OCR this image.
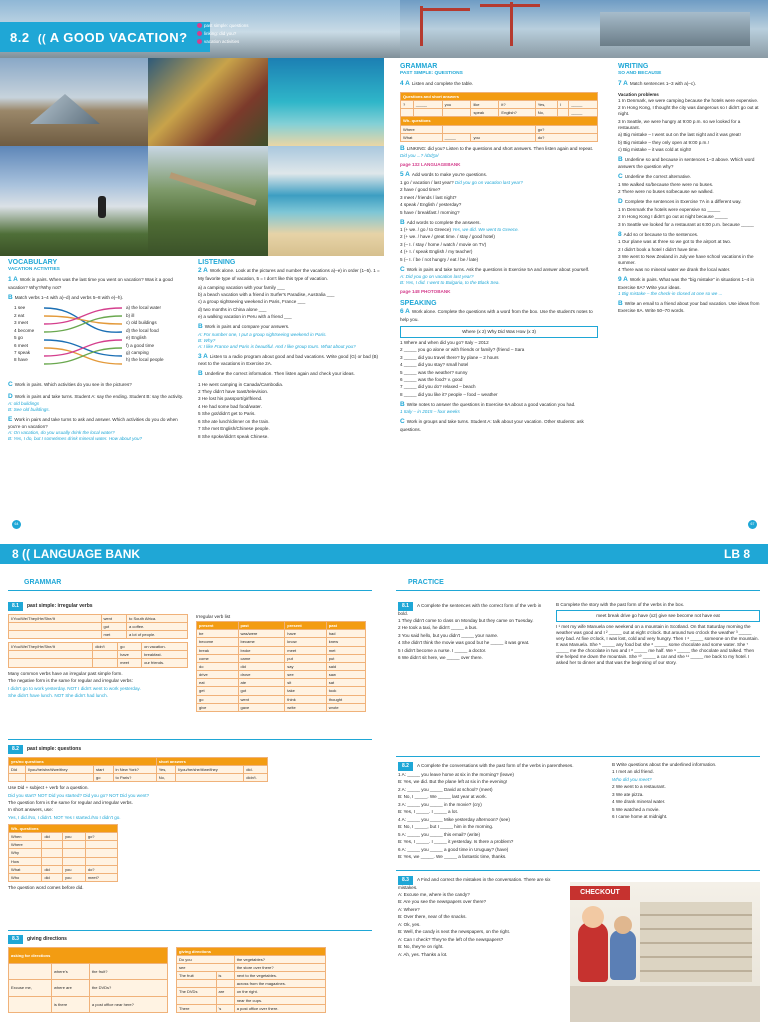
8.2 (( A GOOD VACATION?
past simple: questions
linking: did you?
vacation activities
VOCABULARY
VACATION ACTIVITIES
1 A Work in pairs. When was the last time you went on vacation? Was it a good vacation? Why?/Why not?
B Match verbs 1–4 with a)–d) and verbs 5–8 with e)–h).
1 see
2 eat
3 meet
4 become
5 go
6 meet
7 speak
8 have
a) the local water
b) ill
c) old buildings
d) the local food
e) English
f) a good time
g) camping
h) the local people
C Work in pairs. Which activities do you see in the pictures?
D Work in pairs and take turns. Student A: say the ending. Student B: say the activity.
A: old buildings
B: See old buildings.
E Work in pairs and take turns to ask and answer. Which activities do you do when you're on vacation?
A: On vacation, do you usually drink the local water?
B: Yes, I do, but I sometimes drink mineral water. How about you?
LISTENING
2 A Work alone. Look at the pictures and number the vacations a)–e) in order (1–5). 1 = My favorite type of vacation, 5 = I don't like this type of vacation.
a) a camping vacation with your family ___
b) a beach vacation with a friend in Surfer's Paradise, Australia ___
c) a group sightseeing weekend in Paris, France ___
d) two months in China alone ___
e) a walking vacation in Peru with a friend ___
B Work in pairs and compare your answers.
A: For number one, I put a group sightseeing weekend in Paris.
B: Why?
A: I like France and Paris is beautiful. And I like group tours. What about you?
3 A Listen to a radio program about good and bad vacations. Write good (G) or bad (B) next to the vacations in Exercise 2A.
B Underline the correct information. Then listen again and check your ideas.
1 He went camping in Canada/Cambodia.
2 They didn't have toast/television.
3 He lost his passport/girlfriend.
4 He had some bad food/water.
5 She got/didn't get to Paris.
6 She ate lunch/dinner on the train.
7 She met English/Chinese people.
8 She spoke/didn't speak Chinese.
64
GRAMMAR
PAST SIMPLE: QUESTIONS
4 A Listen and complete the table.
Questions and short answers							
?	_____	you	like	it?	Yes,	I	_____
			speak	English?	No,		_____
Wh- questions							
Where					go?		
What		_____	you		do?		
B LINKING: did you? Listen to the questions and short answers. Then listen again and repeat.
Did you ...? /dɪdʒə/
page 132 LANGUAGEBANK
5 A Add words to make you're questions.
1 go / vacation / last year? Did you go on vacation last year?
2 have / good time?
3 meet / friends / last night?
4 speak / English / yesterday?
5 have / breakfast / morning?
B Add words to complete the answers.
1 (+ we. / go / to Greece) Yes, we did. We went to Greece.
2 (+ we. / have / great time. / stay / good hotel)
3 (– I. / stay / home / watch / movie on TV)
4 (+ I. / speak English / my teacher)
5 (– I. / be / not hungry / eat / be / late)
C Work in pairs and take turns. Ask the questions in Exercise 5A and answer about yourself.
A: Did you go on vacation last year?
B: Yes, I did. I went to Bulgaria, to the Black Sea.
page 148 PHOTOBANK
SPEAKING
6 A Work alone. Complete the questions with a word from the box. Use the student's notes to help you.
Where (x 2) Why Did Was How (x 3)
1 Where and when did you go? Italy – 2012
2 _____ you go alone or with friends or family? (friend – Sara
3 _____ did you travel there? by plane – 2 hours
4 _____ did you stay? small hotel
5 _____ was the weather? sunny
6 _____ was the food? v. good
7 _____ did you do? relaxed – beach
8 _____ did you like it? people – food – weather
B Write notes to answer the questions in Exercise 6A about a good vacation you had.
1 Italy – in 2015 – four weeks
C Work in groups and take turns. Student A: talk about your vacation. Other students: ask questions.
WRITING
SO AND BECAUSE
7 A Match sentences 1–3 with a)–c).
Vacation problems
1 In Denmark, we were camping because the hotels were expensive.
2 In Hong Kong, I thought the city was dangerous so I didn't go out at night.
3 In Seattle, we were hungry at 9:00 p.m. so we looked for a restaurant.
a) Big mistake – I went out on the last night and it was great!
b) Big mistake – they only open at 9:00 p.m.!
c) Big mistake – it was cold at night!
B Underline so and because in sentences 1–3 above. Which word answers the question why?
C Underline the correct alternative.
1 We walked so/because there were no buses.
2 There were no buses so/because we walked.
D Complete the sentences in Exercise 7A in a different way.
1 In Denmark the hotels were expensive so _____
2 In Hong Kong I didn't go out at night because _____
3 In Seattle we looked for a restaurant at 6:00 p.m. because _____
8 Add so or because to the sentences.
1 Our plane was at three so we got to the airport at two.
2 I didn't book a hotel I didn't have time.
3 We went to New Zealand in July we have school vacations in the summer.
4 There was no mineral water we drank the local water.
9 A Work in pairs. What was the "big mistake" in situations 1–4 in Exercise 8A? Write your ideas.
1 Big mistake – the check-in closed at one so we ...
B Write an email to a friend about your bad vacation. Use ideas from Exercise 8A. Write 50–70 words.
67
8 (( LANGUAGE BANK	LB 8
GRAMMAR	PRACTICE
8.1 past simple: irregular verbs
I/You/We/They/He/She/It	went	to South Africa.
	got	a coffee.
	met	a lot of people.
I/You/We/They/He/She/It	didn't	go	on vacation.
		have	breakfast.
		meet	our friends.
Many common verbs have an irregular past simple form.
The negative form is the same for regular and irregular verbs:
I didn't go to work yesterday. NOT I didn't went to work yesterday.
She didn't have lunch. NOT She didn't had lunch.
Irregular verb list
present	past	present	past
be	was/were	have	had
become	became	know	knew
break	broke	meet	met
come	came	put	put
do	did	say	said
drive	drove	see	saw
eat	ate	sit	sat
get	got	take	took
go	went	think	thought
give	gave	write	wrote
8.2 past simple: questions
yes/no questions				short answers		
Did	I/you/he/she/it/we/they	start	in New York?	Yes,	I/you/he/she/it/we/they	did.
		go	to Paris?	No,		didn't.
Use Did + subject + verb for a question.
Did you start? NOT Did you started? Did you go? NOT Did you went?
The question form is the same for regular and irregular verbs.
In short answers, use:
Yes, I did./No, I didn't. NOT Yes I started./No I didn't go.
Wh- questions			
When	did	you	go?
Where			
Why			
How			
What	did	you	do?
Who	did	you	meet?
The question word comes before did.
8.3 giving directions
asking for directions		
	where's	the fruit?
Excuse me,	where are	the DVDs?
	is there	a post office near here?
giving directions		
Do you		the vegetables?
see		the store over there?
The fruit	is	next to the vegetables.
		across from the magazines.
The DVDs	are	on the right.
		near the cups.
There	's	a post office over there.
8.1 A Complete the sentences with the correct form of the verb in bold.
1 They didn't come to class on Monday but they came on Tuesday.
2 He took a taxi, he didn't _____ a bus.
3 You said hello, but you didn't _____ your name.
4 She didn't think the movie was good but he _____ it was great.
5 I didn't become a nurse. I _____ a doctor.
6 We didn't sit here, we _____ over there.
B Complete the story with the past form of the verbs in the box.
meet break drive go have (x2) give see become not have eat
I ¹ met my wife Manuela one weekend on a mountain in Scotland. On that Saturday morning the weather was good and I ² _____ out at eight o'clock. But around two o'clock the weather ³ _____ very bad. At five o'clock, I was lost, cold and very hungry. Then I ⁴ _____ someone on the mountain. It was Manuela. She ⁵ _____ any food but she ⁶ _____ some chocolate and some water. She ⁷ _____ me the chocolate in two and I ⁸ _____ me half. We ⁹ _____ the chocolate and talked. Then she helped me down the mountain. She ¹⁰ _____ a car and she ¹¹ _____ me back to my hotel. I asked her to dinner and that was the beginning of our story.
8.2 A Complete the conversations with the past form of the verbs in parentheses.
1 A: _____ you leave home at six in the morning? (leave)
B: Yes, we did. But the plane left at six in the evening!
2 A: _____ you _____ David at school? (meet)
B: No, I _____. We _____ last year at work.
3 A: _____ you _____ in the movie? (cry)
B: Yes, I _____. I _____ a lot.
4 A: _____ you _____ Mike yesterday afternoon? (see)
B: No, I _____, but I _____ him in the morning.
5 A: _____ you _____ this email? (write)
B: Yes, I _____. I _____ it yesterday. Is there a problem?
6 A: _____ you _____ a good time in Uruguay? (have)
B: Yes, we _____. We _____ a fantastic time, thanks.
B Write questions about the underlined information.
1 I met an old friend.
Who did you meet?
2 We went to a restaurant.
3 We ate pizza.
4 We drank mineral water.
5 We watched a movie.
6 I came home at midnight.
8.3 A Find and correct the mistakes in the conversation. There are six mistakes.
A: Excuse me, where is the candy?
B: Are you see the newspapers over there?
A: Where?
B: Over there, near of the snacks.
A: Ok, yes.
B: Well, the candy is next the newspapers, on the right.
A: Can I check? They're the left of the newspapers?
B: No, they're on right.
A: Ah, yes. Thanks a lot.
CHECKOUT
